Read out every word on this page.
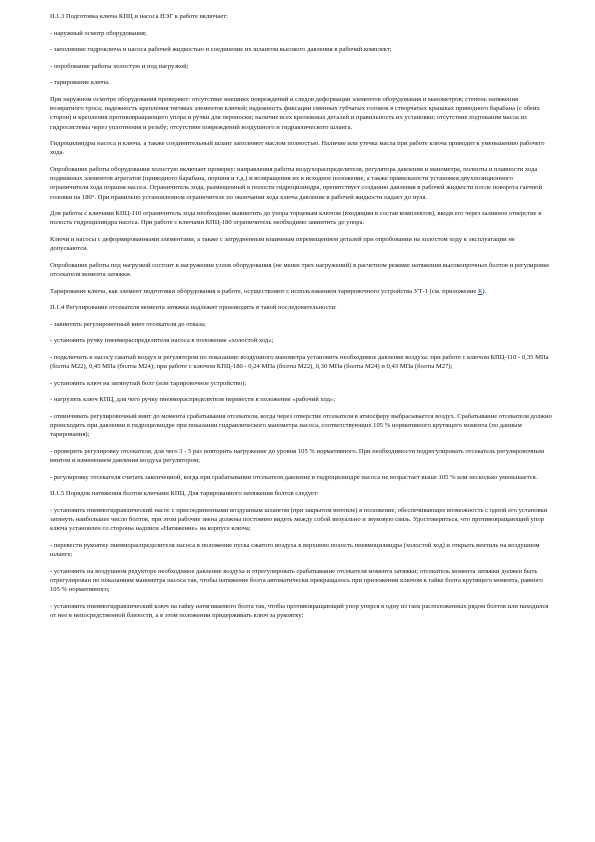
II.1.3 Подготовка ключа КПЦ и насоса НЭГ к работе включает:

- наружный осмотр оборудования;

- заполнение гидроключа и насоса рабочей жидкостью и соединение их шлангом высокого давления в рабочий комплект;

- опробование работы холостую и под нагрузкой;

- тарирование ключа.

При наружном осмотре оборудования проверяют: отсутствие внешних повреждений и следов деформации элементов оборудования и манометров; степень натяжения возвратного троса; надежность крепления тяговых элементов ключей; надежность фиксации сменных губчатых головок в створчатых крышках приводного барабана (с обеих сторон) и крепления противовращающего упора и ручки для переноски; наличие всех крепежных деталей и правильность их установки; отсутствие подтекания масла из гидросистемы через уплотнения и резьбу; отсутствие повреждений воздушного и гидравлического шланга.

Гидроцилиндры насоса и ключа, а также соединительный шланг заполняют маслом полностью. Наличие или утечка масла при работе ключа приводит к уменьшению рабочего хода.

Опробование работы оборудования холостую включает проверку: направления работы воздухораспределителя, регулятора давления и манометра, полноты и плавности хода подвижных элементов агрегатов (приводного барабана, поршня и т.д.) и возвращения их в исходное положение, а также правильности установки двухпозиционного ограничителя хода поршня насоса. Ограничитель хода, размещенный в полости гидроцилиндра, препятствует созданию давления в рабочей жидкости после поворота гаечной головки на 180°. При правильно установленном ограничителе по окончании хода ключа давление в рабочей жидкости падает до нуля.

Для работы с ключами КПЦ-110 ограничитель хода необходимо вывинтить до упора торцевым ключом (входящим в состав комплектов), вводя его через заливное отверстие в полость гидроцилиндра насоса. При работе с ключами КПЦ-180 ограничитель необходимо завинтить до упора.

Ключи и насосы с деформированными элементами, а также с затрудненным взаимным перемещением деталей при опробовании на холостом ходу к эксплуатации не допускаются.

Опробование работы под нагрузкой состоит в нагружении узлов оборудования (не менее трех нагружений) в расчетном режиме натяжения высокопрочных болтов и регулировке отсекателя момента затяжки.

Тарирование ключа, как элемент подготовки оборудования к работе, осуществляют с использованием тарировочного устройства УТ-1 (см. приложение К).

II.1.4 Регулирование отсекателя момента затяжки надлежит производить в такой последовательности:

- завинтить регулировочный винт отсекателя до отказа;

- установить ручку пневмораспределителя насоса в положение «холостой ход»;

- подключить к насосу сжатый воздух и регулятором по показанию воздушного манометра установить необходимое давление воздуха: при работе с ключом КПЦ-110 - 0,35 МПа (болты М22), 0,45 МПа (болты М24); при работе с ключом КПЦ-180 - 0,24 МПа (болты М22), 0,30 МПа (болты М24) и 0,43 МПа (болты М27);

- установить ключ на затянутый болт (или тарировочное устройство);

- нагрузить ключ КПЦ, для чего ручку пневмораспределителя перевести в положение «рабочий ход»;

- отвинчивать регулировочный винт до момента срабатывания отсекателя, когда через отверстие отсекателя в атмосферу выбрасывается воздух. Срабатывание отсекателя должно происходить при давлении в гидроцилиндре при показании гидравлического манометра насоса, соответствующих 105 % нормативного крутящего момента (по данным тарирования);

- проверить регулировку отсекателя, для чего 3 - 5 раз повторить нагружение до уровня 105 % нормативного. При необходимости подрегулировать отсекатель регулировочным винтом и изменением давления воздуха регулятором;

- регулировку отсекателя считать законченной, когда при срабатывании отсекателя давление в гидроцилиндре насоса не возрастает выше 105 % или несколько уменьшается.

II.1.5 Порядок натяжения болтов ключами КПЦ. Для тарированного натяжения болтов следует:

- установить пневмогидравлический насос с присоединенными воздушным шлангом (при закрытом вентиле) в положение, обеспечивающее возможность с одной его установки затянуть наибольшее число болтов, при этом рабочие звена должны постоянно видеть между собой визуально и звуковую связь. Удостовериться, что противовращающий упор ключа установлен со стороны надписи «Натяжение» на корпусе ключа;

- перевести рукоятку пневмораспределителя насоса в положение пуска сжатого воздуха в верхнюю полость пневмоцилиндра (холостой ход) и открыть вентиль на воздушном шланге;

- установить на воздушном редукторе необходимое давление воздуха и отрегулировать срабатывание отсекателя момента затяжки; отсекатель момента затяжки должен быть отрегулирован по показаниям манометра насоса так, чтобы натяжение болта автоматически прекращалось при приложении ключом к гайке болта крутящего момента, равного 105 % нормативного;

- установить пневмогидравлический ключ на гайку натягиваемого болта так, чтобы противовращающий упор уперся в одну из гаек расположенных рядом болтов или находился от нее в непосредственной близости, а в этом положении придерживать ключ за рукоятку;
